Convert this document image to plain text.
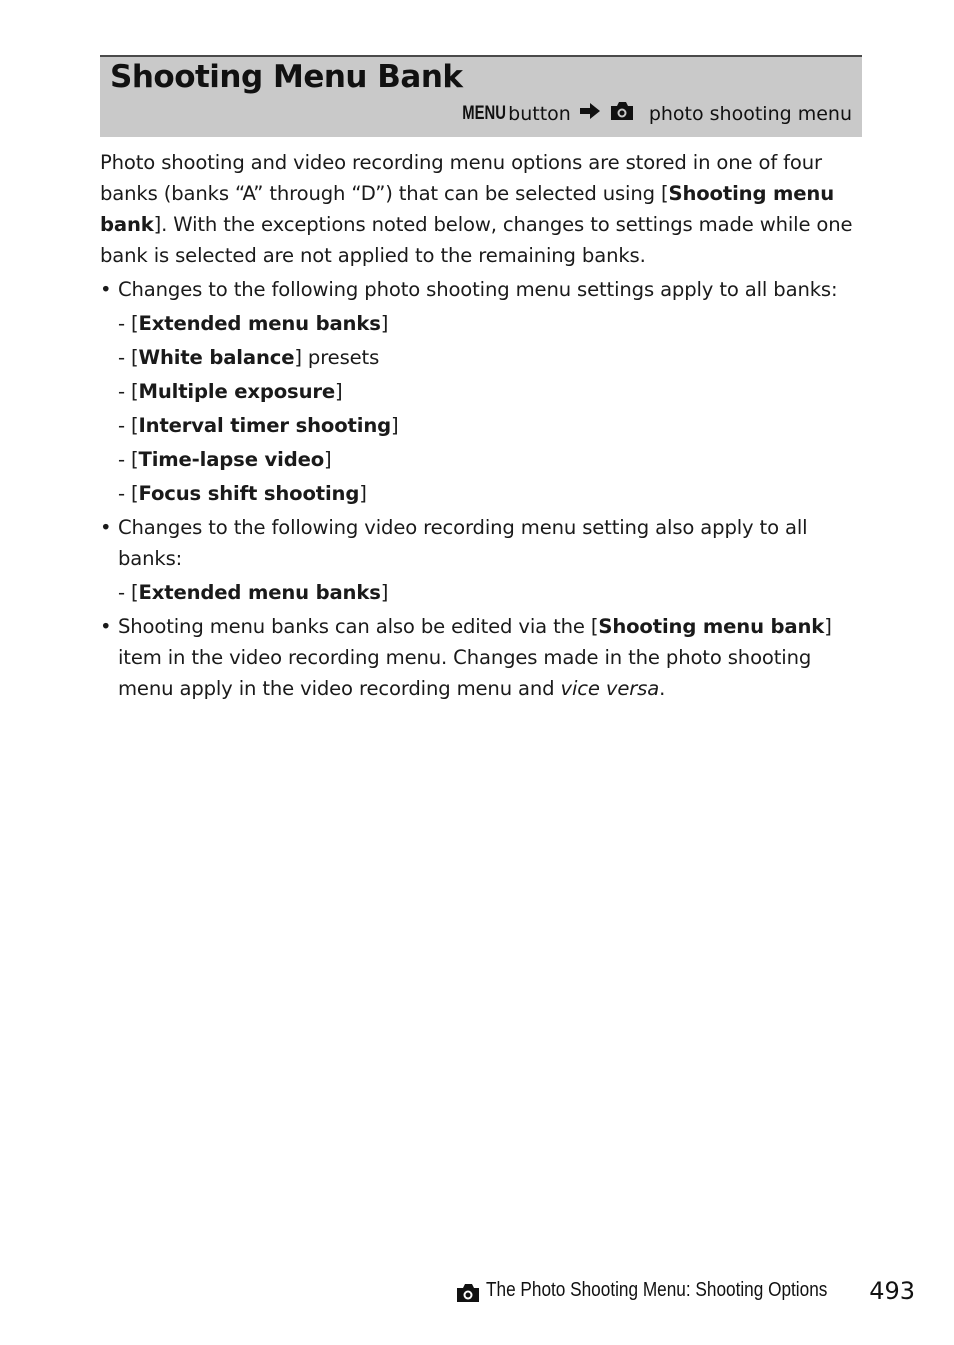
Shooting Menu Bank
MENU button	photo shooting menu

Photo shooting and video recording menu options are stored in one of four banks (banks “A” through “D”) that can be selected using [Shooting menu bank]. With the exceptions noted below, changes to settings made while one bank is selected are not applied to the remaining banks.

• Changes to the following photo shooting menu settings apply to all banks:
- [Extended menu banks]
- [White balance] presets
- [Multiple exposure]
- [Interval timer shooting]
- [Time-lapse video]
- [Focus shift shooting]
• Changes to the following video recording menu setting also apply to all banks:
- [Extended menu banks]
• Shooting menu banks can also be edited via the [Shooting menu bank] item in the video recording menu. Changes made in the photo shooting menu apply in the video recording menu and vice versa.
The Photo Shooting Menu: Shooting Options 493
